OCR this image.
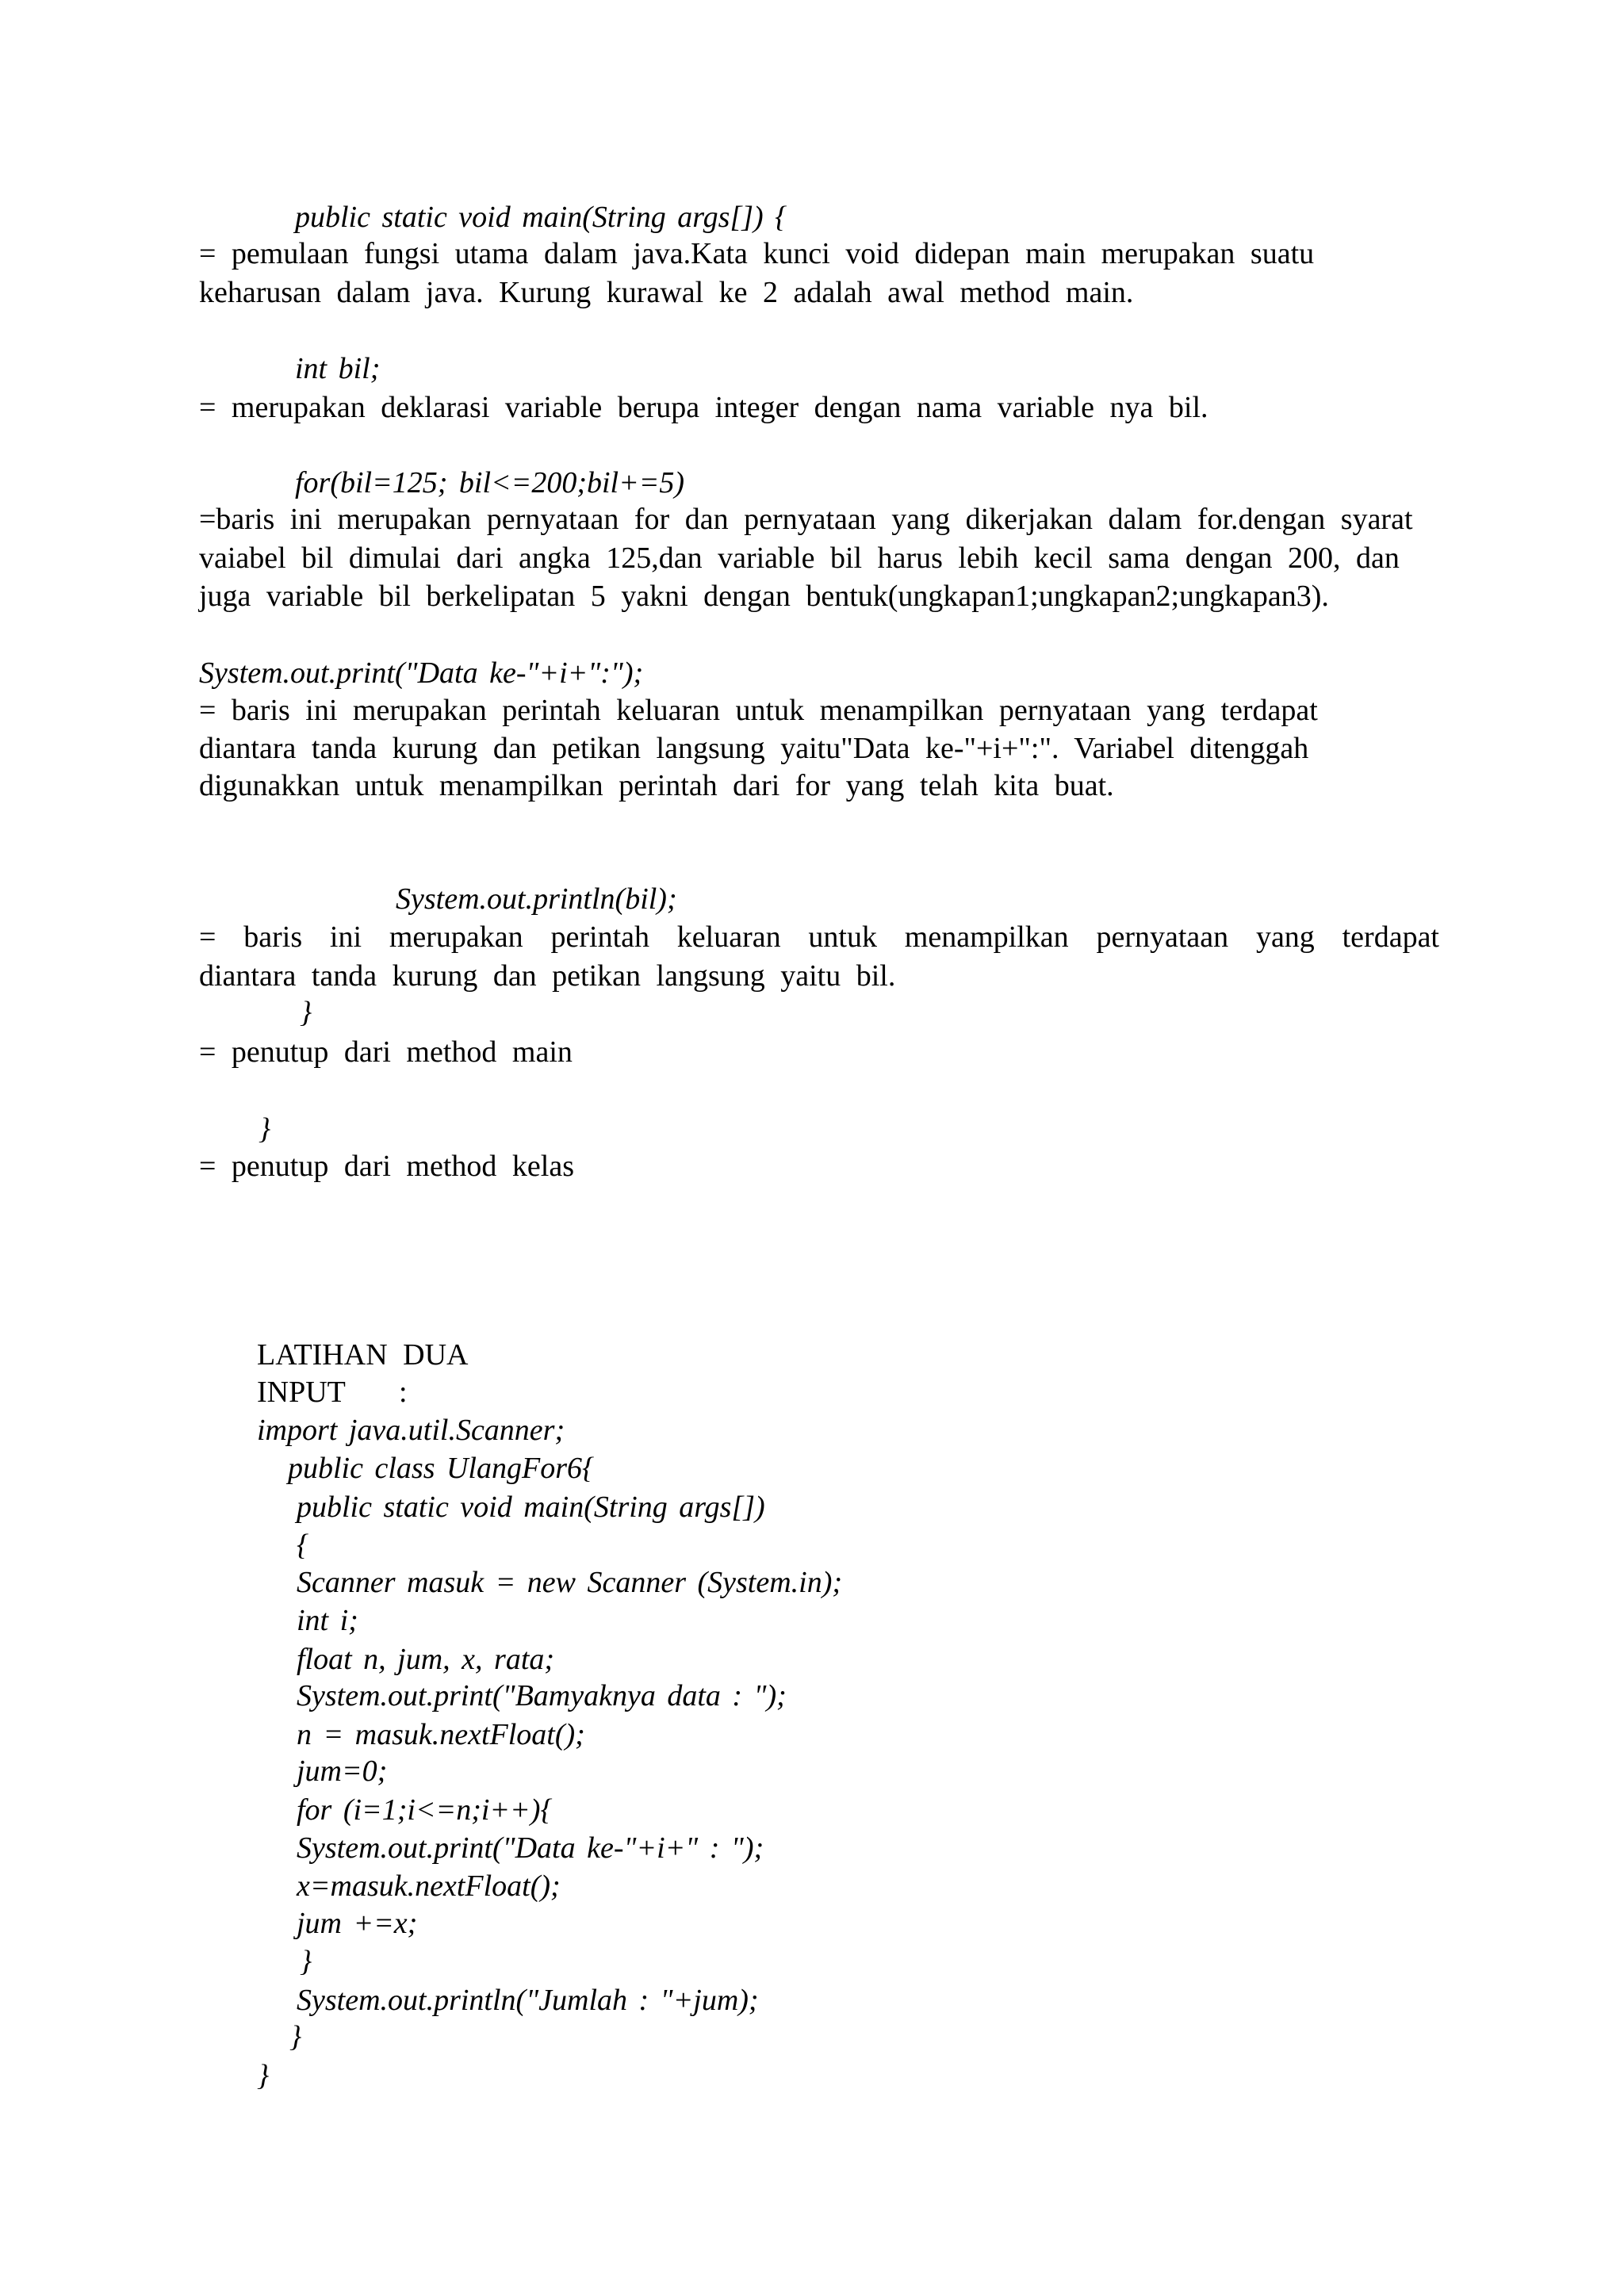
public static void main(String args[]) {
= pemulaan fungsi utama dalam java.Kata kunci void didepan main merupakan suatu
keharusan dalam java. Kurung kurawal ke 2 adalah awal method main.
int bil;
= merupakan deklarasi variable berupa integer dengan nama variable nya bil.
for(bil=125; bil<=200;bil+=5)
=baris ini merupakan pernyataan for dan pernyataan yang dikerjakan dalam for.dengan syarat
vaiabel bil dimulai dari angka 125,dan variable bil harus lebih kecil sama dengan 200, dan
juga variable bil berkelipatan 5 yakni dengan bentuk(ungkapan1;ungkapan2;ungkapan3).
System.out.print("Data ke-"+i+":");
= baris ini merupakan perintah keluaran untuk menampilkan pernyataan yang terdapat
diantara tanda kurung dan petikan langsung yaitu"Data ke-"+i+":". Variabel ditenggah
digunakkan untuk menampilkan perintah dari for yang telah kita buat.
System.out.println(bil);
= baris ini merupakan perintah keluaran untuk menampilkan pernyataan yang terdapat
diantara tanda kurung dan petikan langsung yaitu bil.
}
= penutup dari method main
}
= penutup dari method kelas
LATIHAN DUA
INPUT :
import java.util.Scanner;
public class UlangFor6{
public static void main(String args[])
{
Scanner masuk = new Scanner (System.in);
int i;
float n, jum, x, rata;
System.out.print("Bamyaknya data : ");
n = masuk.nextFloat();
jum=0;
for (i=1;i<=n;i++){
System.out.print("Data ke-"+i+" : ");
x=masuk.nextFloat();
jum +=x;
}
System.out.println("Jumlah : "+jum);
}
}
